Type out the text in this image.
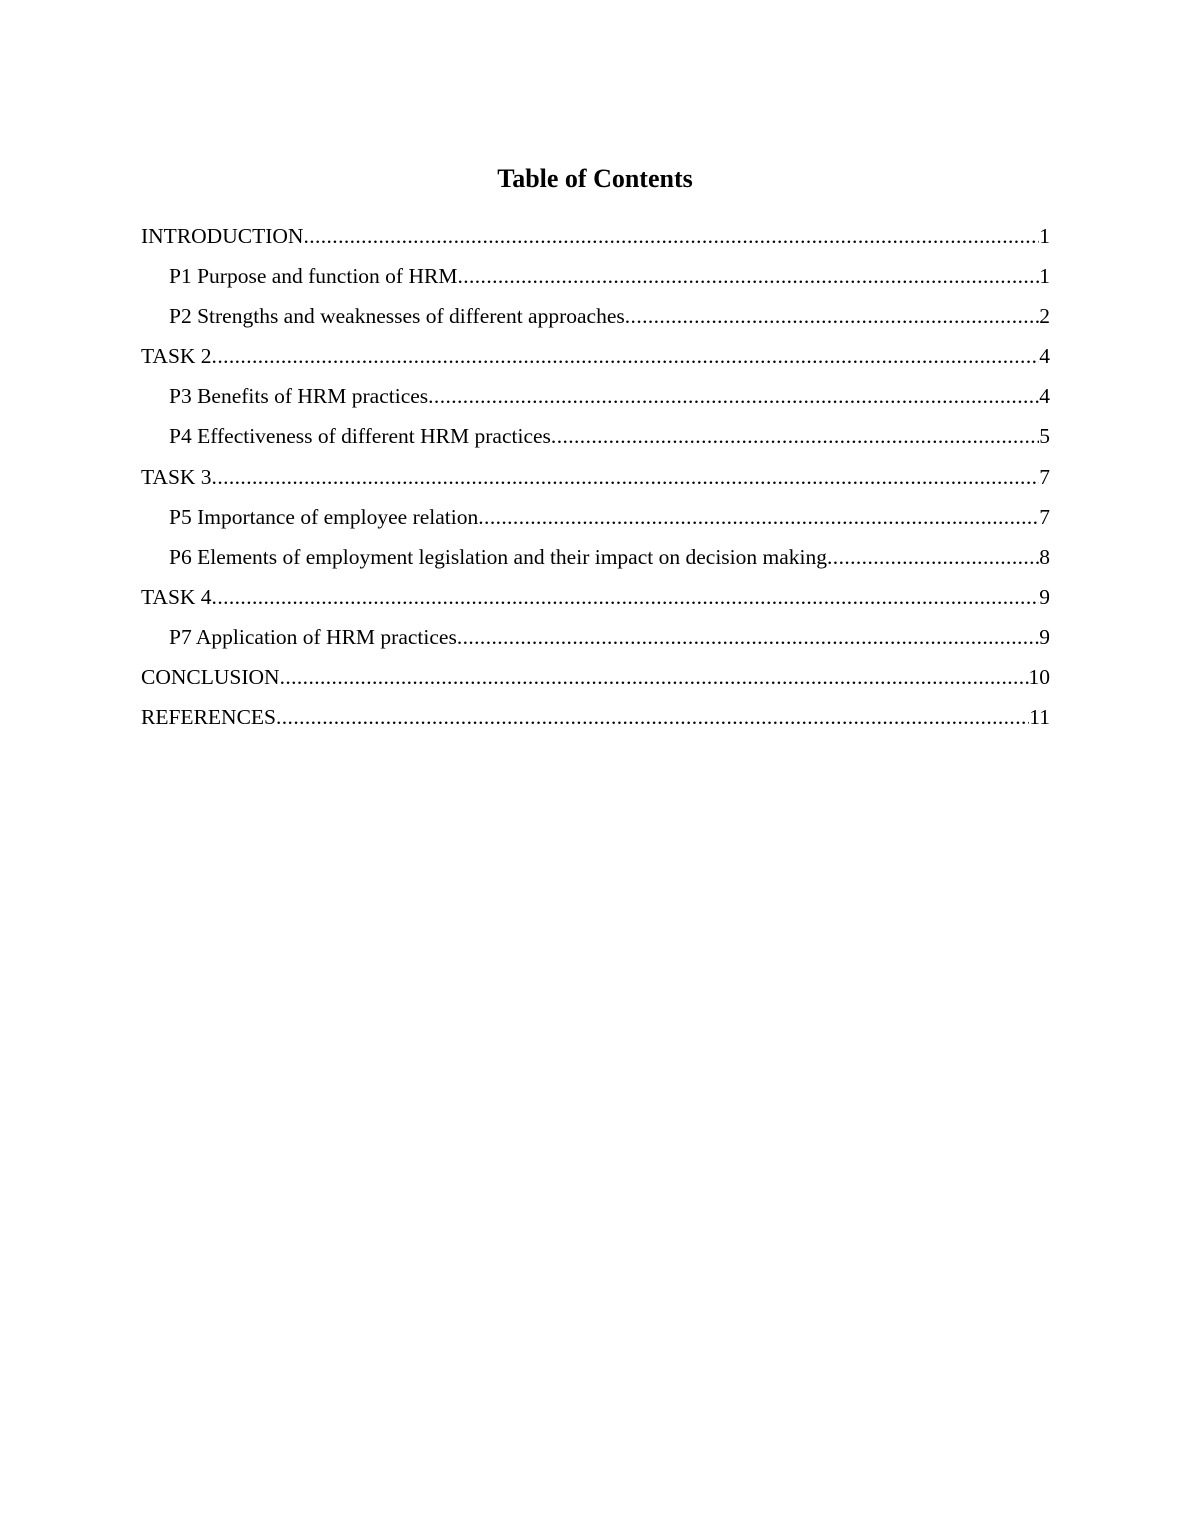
Table of Contents
INTRODUCTION .....	1
P1 Purpose and function of HRM .....	1
P2 Strengths and weaknesses of different approaches .....	2
TASK 2 .....	4
P3 Benefits of HRM practices .....	4
P4 Effectiveness of different HRM practices .....	5
TASK 3 .....	7
P5 Importance of employee relation .....	7
P6 Elements of employment legislation and their impact on decision making .....	8
TASK 4 .....	9
P7 Application of HRM practices .....	9
CONCLUSION .....	10
REFERENCES .....	11
